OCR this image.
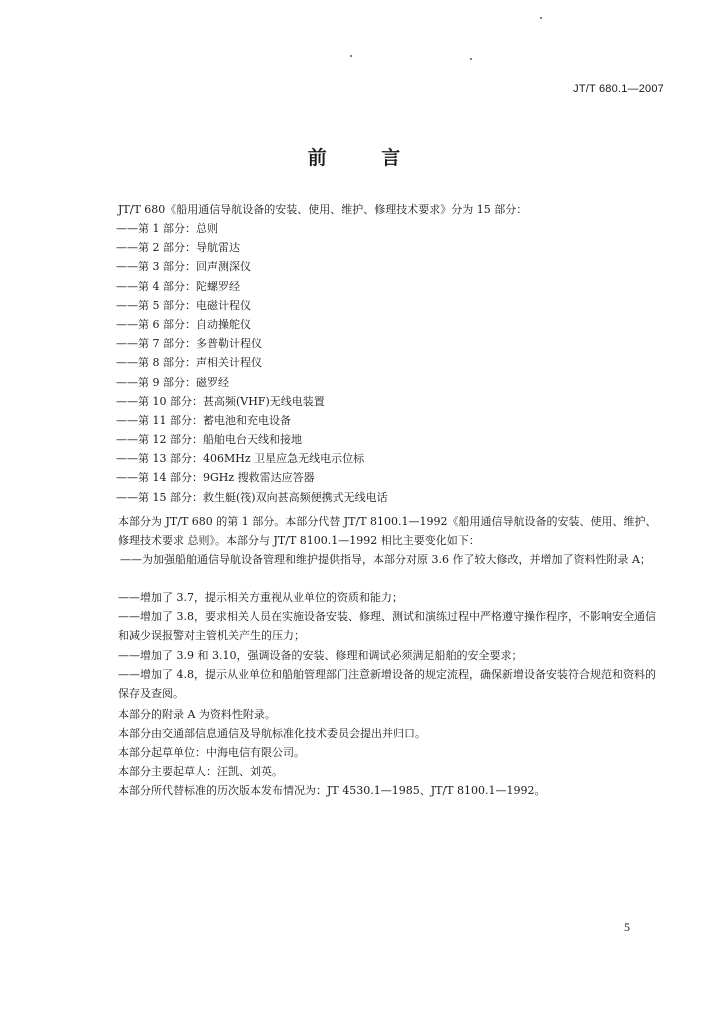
JT/T 680.1—2007
前 言
JT/T 680《船用通信导航设备的安装、使用、维护、修理技术要求》分为 15 部分：
——第 1 部分：总则
——第 2 部分：导航雷达
——第 3 部分：回声测深仪
——第 4 部分：陀螺罗经
——第 5 部分：电磁计程仪
——第 6 部分：自动操舵仪
——第 7 部分：多普勒计程仪
——第 8 部分：声相关计程仪
——第 9 部分：磁罗经
——第 10 部分：甚高频(VHF)无线电装置
——第 11 部分：蓄电池和充电设备
——第 12 部分：船舶电台天线和接地
——第 13 部分：406MHz 卫星应急无线电示位标
——第 14 部分：9GHz 搜救雷达应答器
——第 15 部分：救生艇(筏)双向甚高频便携式无线电话

本部分为 JT/T 680 的第 1 部分。本部分代替 JT/T 8100.1—1992《船用通信导航设备的安装、使用、维护、修理技术要求 总则》。本部分与 JT/T 8100.1—1992 相比主要变化如下：

——为加强船舶通信导航设备管理和维护提供指导，本部分对原 3.6 作了较大修改，并增加了资料性附录 A；

——增加了 3.7，提示相关方重视从业单位的资质和能力；

——增加了 3.8，要求相关人员在实施设备安装、修理、测试和演练过程中严格遵守操作程序，不影响安全通信和减少误报警对主管机关产生的压力；

——增加了 3.9 和 3.10，强调设备的安装、修理和调试必须满足船舶的安全要求；

——增加了 4.8，提示从业单位和船舶管理部门注意新增设备的规定流程，确保新增设备安装符合规范和资料的保存及查阅。

本部分的附录 A 为资料性附录。

本部分由交通部信息通信及导航标准化技术委员会提出并归口。

本部分起草单位：中海电信有限公司。

本部分主要起草人：汪凯、刘英。

本部分所代替标准的历次版本发布情况为：JT 4530.1—1985、JT/T 8100.1—1992。

5
